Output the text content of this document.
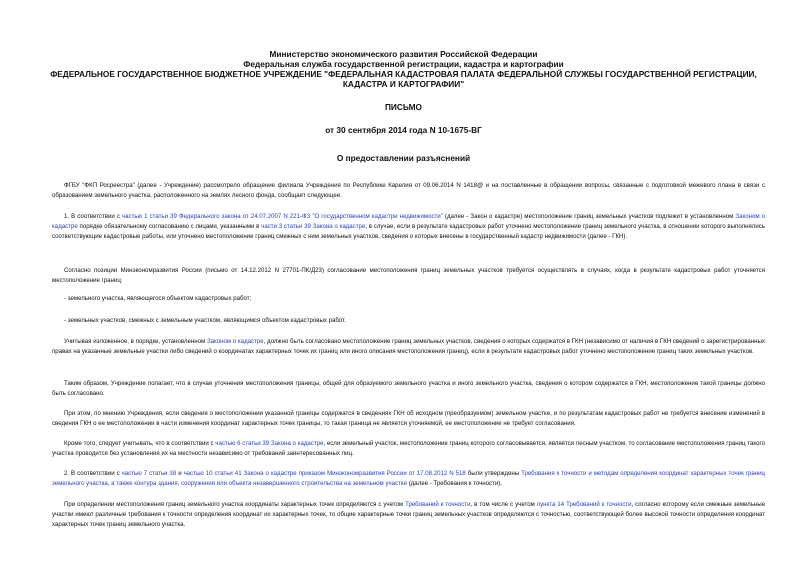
Министерство экономического развития Российской Федерации

Федеральная служба государственной регистрации, кадастра и картографии

ФЕДЕРАЛЬНОЕ ГОСУДАРСТВЕННОЕ БЮДЖЕТНОЕ УЧРЕЖДЕНИЕ "ФЕДЕРАЛЬНАЯ КАДАСТРОВАЯ ПАЛАТА ФЕДЕРАЛЬНОЙ СЛУЖБЫ ГОСУДАРСТВЕННОЙ РЕГИСТРАЦИИ, КАДАСТРА И КАРТОГРАФИИ"

ПИСЬМО

от 30 сентября 2014 года N 10-1675-ВГ

О предоставлении разъяснений

ФГБУ "ФКП Росреестра" (далее - Учреждение) рассмотрело обращение филиала Учреждения по Республике Карелия от 09.06.2014 N 1418@ и на поставленные в обращении вопросы, связанные с подготовкой межевого плана в связи с образованием земельного участка, расположенного на землях лесного фонда, сообщает следующее.

1. В соответствии с частью 1 статьи 39 Федерального закона от 24.07.2007 N 221-ФЗ "О государственном кадастре недвижимости" (далее - Закон о кадастре) местоположение границ земельных участков подлежит в установленном Законом о кадастре порядке обязательному согласованию с лицами, указанными в части 3 статьи 39 Закона о кадастре, в случае, если в результате кадастровых работ уточнено местоположение границ земельного участка, в отношении которого выполнялись соответствующие кадастровые работы, или уточнено местоположение границ смежных с ним земельных участков, сведения о которых внесены в государственный кадастр недвижимости (далее - ГКН).

Согласно позиции Минэкономразвития России (письмо от 14.12.2012 N 27701-ПК/Д23) согласование местоположения границ земельных участков требуется осуществлять в случаях, когда в результате кадастровых работ уточняется местоположение границ:

- земельного участка, являющегося объектом кадастровых работ;

- земельных участков, смежных с земельным участком, являющимся объектом кадастровых работ.

Учитывая изложенное, в порядке, установленном Законом о кадастре, должно быть согласовано местоположение границ земельных участков, сведения о которых содержатся в ГКН (независимо от наличия в ГКН сведений о зарегистрированных правах на указанные земельные участки либо сведений о координатах характерных точек их границ или иного описания местоположения границ), если в результате кадастровых работ уточнено местоположение границ таких земельных участков.

Таким образом, Учреждение полагает, что в случае уточнения местоположения границы, общей для образуемого земельного участка и иного земельного участка, сведения о котором содержатся в ГКН, местоположение такой границы должно быть согласовано.

При этом, по мнению Учреждения, если сведения о местоположении указанной границы содержатся в сведениях ГКН об исходном (преобразуемом) земельном участке, и по результатам кадастровых работ не требуется внесение изменений в сведения ГКН о ее местоположении в части изменения координат характерных точек границы, то такая граница не является уточняемой, ее местоположение не требует согласования.

Кроме того, следует учитывать, что в соответствии с частью 6 статьи 39 Закона о кадастре, если земельный участок, местоположение границ которого согласовывается, является лесным участком, то согласование местоположения границ такого участка проводится без установления их на местности независимо от требований заинтересованных лиц.

2. В соответствии с частью 7 статьи 38 и частью 10 статьи 41 Закона о кадастре приказом Минэкономразвития России от 17.08.2012 N 518 были утверждены Требования к точности и методам определения координат характерных точек границ земельного участка, а также контура здания, сооружения или объекта незавершенного строительства на земельном участке (далее - Требования к точности).

При определении местоположения границ земельного участка координаты характерных точек определяются с учетом Требований к точности, в том числе с учетом пункта 14 Требований к точности, согласно которому если смежные земельные участки имеют различные требования к точности определения координат их характерных точек, то общие характерные точки границ земельных участков определяются с точностью, соответствующей более высокой точности определения координат характерных точек границ земельного участка.
